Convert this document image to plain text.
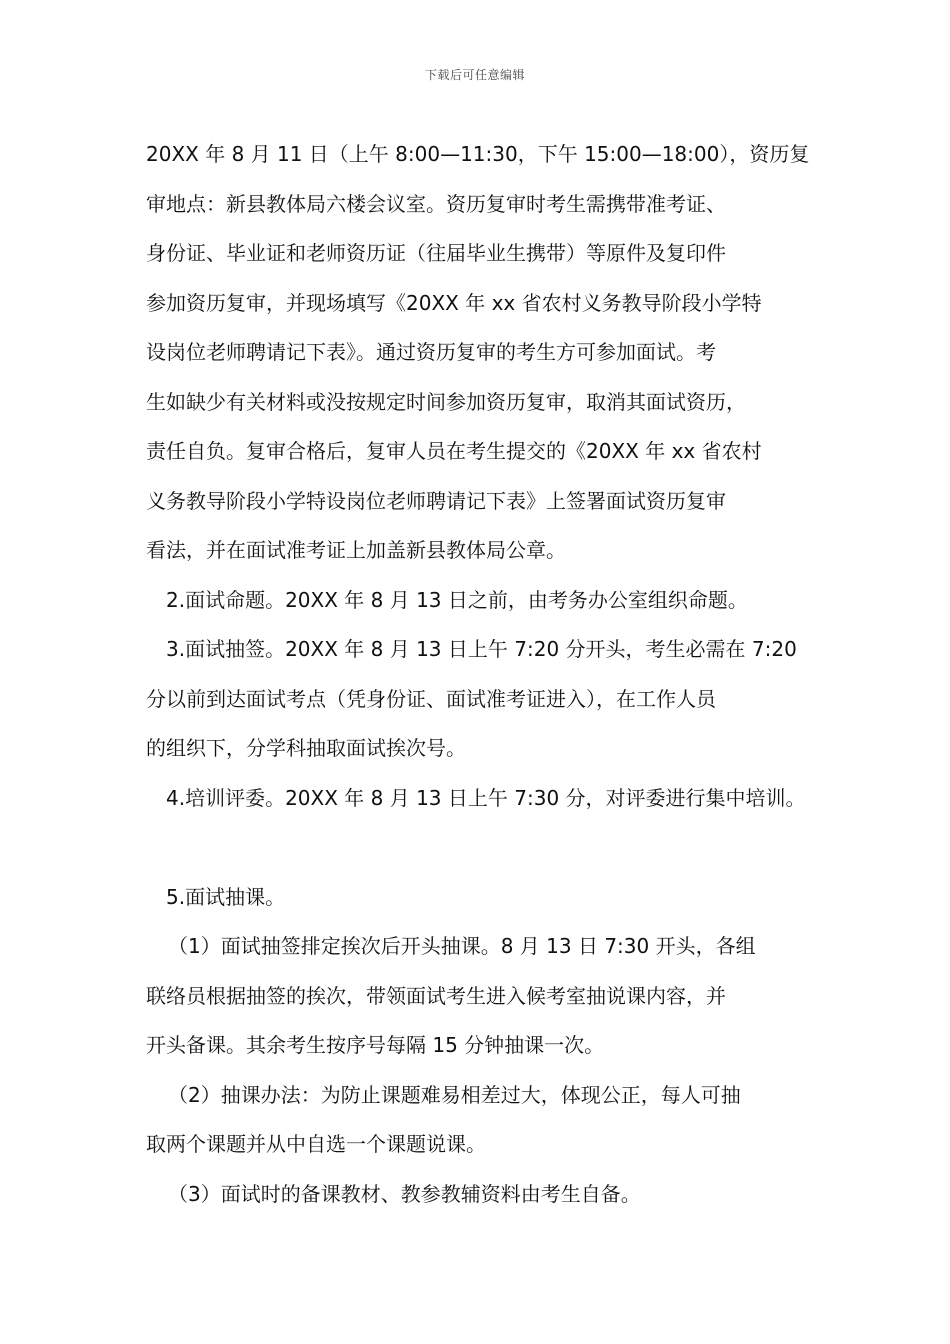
下载后可任意编辑
20XX 年 8 月 11 日（上午 8:00—11:30，下午 15:00—18:00），资历复
审地点：新县教体局六楼会议室。资历复审时考生需携带准考证、
身份证、毕业证和老师资历证（往届毕业生携带）等原件及复印件
参加资历复审，并现场填写《20XX 年 xx 省农村义务教导阶段小学特
设岗位老师聘请记下表》。通过资历复审的考生方可参加面试。考
生如缺少有关材料或没按规定时间参加资历复审，取消其面试资历，
责任自负。复审合格后，复审人员在考生提交的《20XX 年 xx 省农村
义务教导阶段小学特设岗位老师聘请记下表》上签署面试资历复审
看法，并在面试准考证上加盖新县教体局公章。
2.面试命题。20XX 年 8 月 13 日之前，由考务办公室组织命题。
3.面试抽签。20XX 年 8 月 13 日上午 7:20 分开头，考生必需在 7:20
分以前到达面试考点（凭身份证、面试准考证进入），在工作人员
的组织下，分学科抽取面试挨次号。
4.培训评委。20XX 年 8 月 13 日上午 7:30 分，对评委进行集中培训。
5.面试抽课。
（1）面试抽签排定挨次后开头抽课。8 月 13 日 7:30 开头，各组
联络员根据抽签的挨次，带领面试考生进入候考室抽说课内容，并
开头备课。其余考生按序号每隔 15 分钟抽课一次。
（2）抽课办法：为防止课题难易相差过大，体现公正，每人可抽
取两个课题并从中自选一个课题说课。
（3）面试时的备课教材、教参教辅资料由考生自备。
